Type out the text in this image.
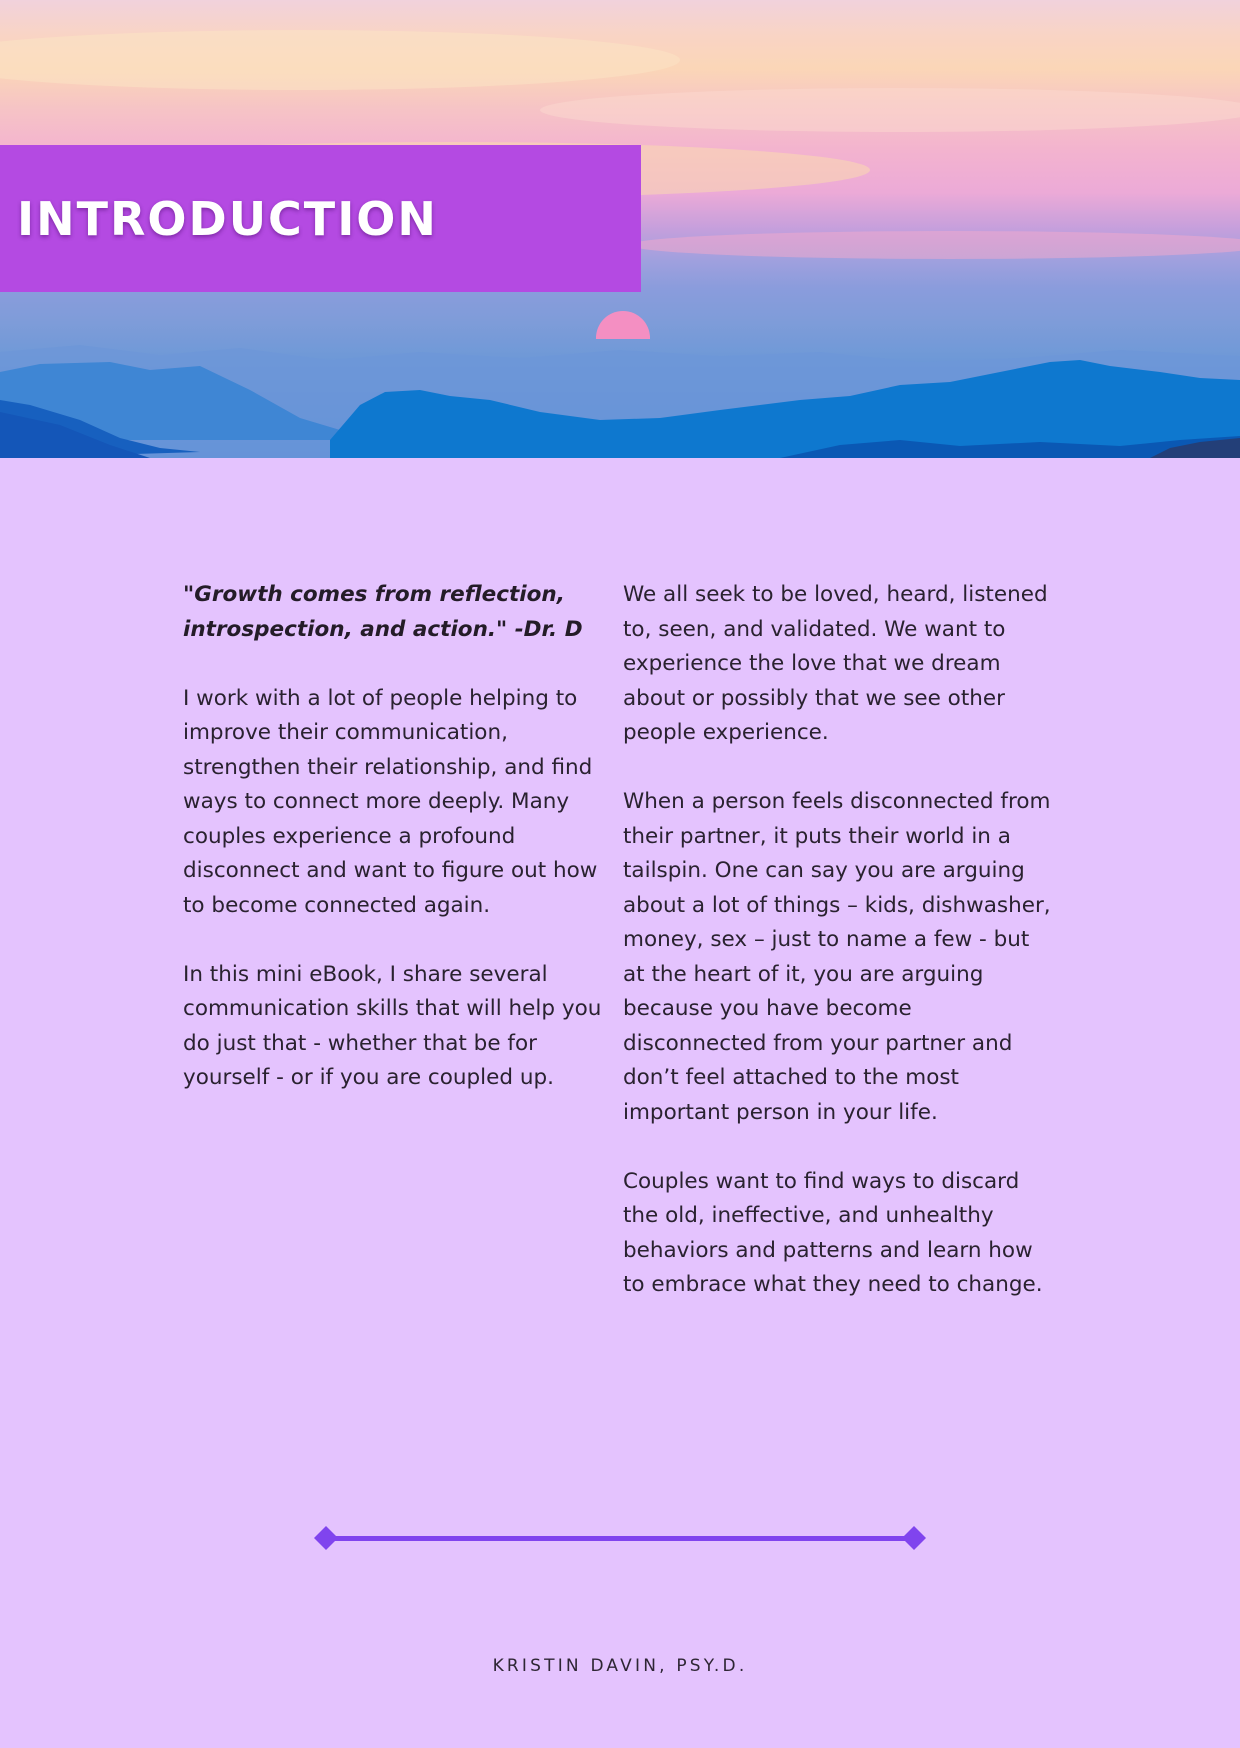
INTRODUCTION

"Growth comes from reflection, introspection, and action." -Dr. D

I work with a lot of people helping to improve their communication, strengthen their relationship, and find ways to connect more deeply. Many couples experience a profound disconnect and want to figure out how to become connected again.

In this mini eBook, I share several communication skills that will help you do just that - whether that be for yourself - or if you are coupled up.

We all seek to be loved, heard, listened to, seen, and validated. We want to experience the love that we dream about or possibly that we see other people experience.

When a person feels disconnected from their partner, it puts their world in a tailspin. One can say you are arguing about a lot of things – kids, dishwasher, money, sex – just to name a few - but at the heart of it, you are arguing because you have become disconnected from your partner and don’t feel attached to the most important person in your life.

Couples want to find ways to discard the old, ineffective, and unhealthy behaviors and patterns and learn how to embrace what they need to change.

KRISTIN DAVIN, PSY.D.
